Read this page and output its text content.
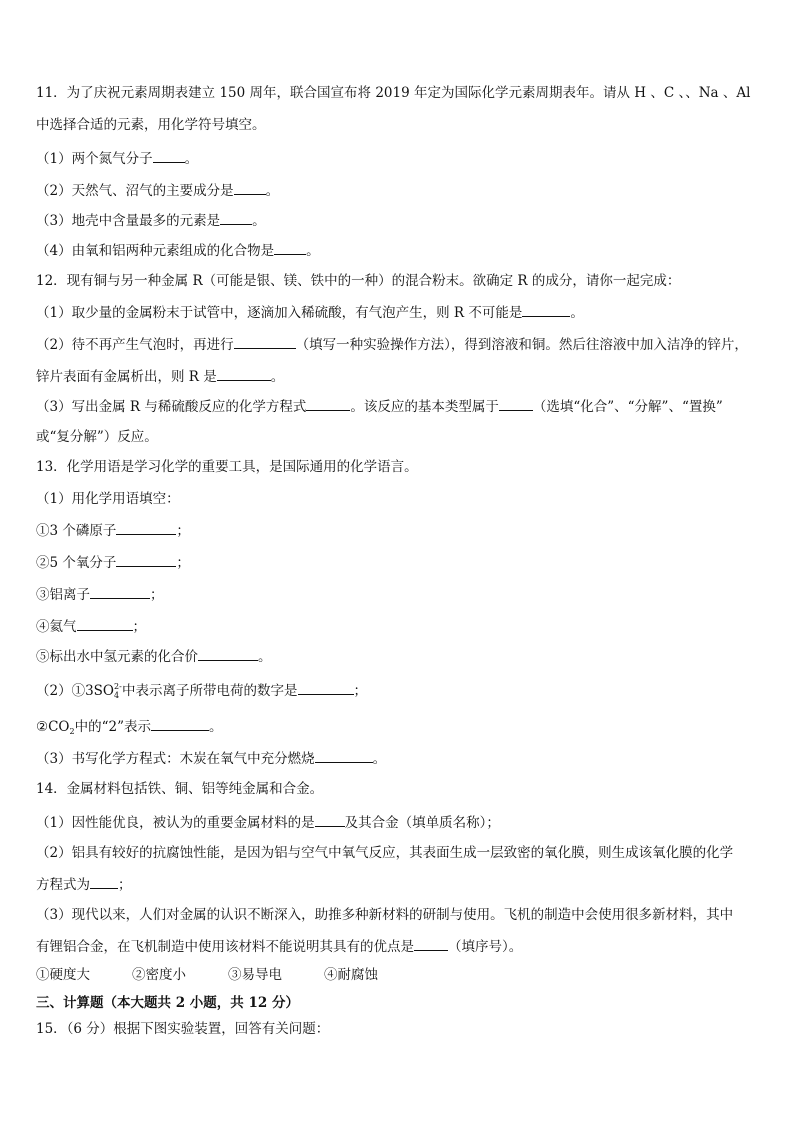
11．为了庆祝元素周期表建立 150 周年，联合国宣布将 2019 年定为国际化学元素周期表年。请从 H 、C 、、Na 、Al
中选择合适的元素，用化学符号填空。
（1）两个氮气分子 。
（2）天然气、沼气的主要成分是 。
（3）地壳中含量最多的元素是 。
（4）由氧和铝两种元素组成的化合物是 。
12．现有铜与另一种金属 R（可能是银、镁、铁中的一种）的混合粉末。欲确定 R 的成分，请你一起完成：
（1）取少量的金属粉末于试管中，逐滴加入稀硫酸，有气泡产生，则 R 不可能是	。
（2）待不再产生气泡时，再进行	（填写一种实验操作方法），得到溶液和铜。然后往溶液中加入洁净的锌片，
锌片表面有金属析出，则 R 是	。
（3）写出金属 R 与稀硫酸反应的化学方程式	。该反应的基本类型属于	（选填“化合”、“分解”、“置换”
或“复分解”）反应。
13．化学用语是学习化学的重要工具，是国际通用的化学语言。
（1）用化学用语填空：
①3 个磷原子	；
②5 个氧分子	；
③铝离子	；
④氦气	；
⑤标出水中氢元素的化合价	。
（2）①3SO 2-
4 中表示离子所带电荷的数字是	；
$②CO_2$中的“2”表示	。
（3）书写化学方程式：木炭在氧气中充分燃烧	。
14．金属材料包括铁、铜、铝等纯金属和合金。
（1）因性能优良，被认为的重要金属材料的是 及其合金（填单质名称）；
（2）铝具有较好的抗腐蚀性能，是因为铝与空气中氧气反应，其表面生成一层致密的氧化膜，则生成该氧化膜的化学
方程式为 ；
（3）现代以来，人们对金属的认识不断深入，助推多种新材料的研制与使用。飞机的制造中会使用很多新材料，其中
有锂铝合金，在飞机制造中使用该材料不能说明其具有的优点是	（填序号）。
①硬度大	②密度小	③易导电	④耐腐蚀
三、计算题（本大题共 2 小题，共 12 分）
15．（6 分）根据下图实验装置，回答有关问题：
